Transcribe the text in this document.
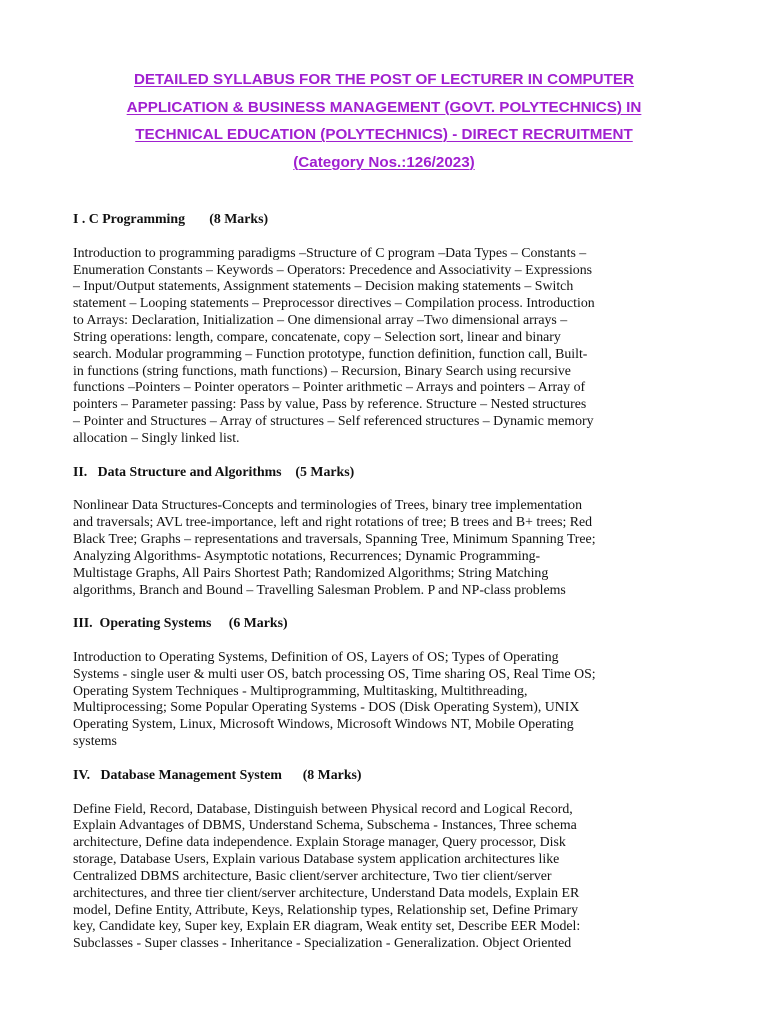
DETAILED SYLLABUS FOR THE POST OF LECTURER IN COMPUTER
APPLICATION & BUSINESS MANAGEMENT (GOVT. POLYTECHNICS) IN
TECHNICAL EDUCATION (POLYTECHNICS) - DIRECT RECRUITMENT
(Category Nos.:126/2023)

I . C Programming       (8 Marks)

Introduction to programming paradigms –Structure of C program –Data Types – Constants –
Enumeration Constants – Keywords – Operators: Precedence and Associativity – Expressions
– Input/Output statements, Assignment statements – Decision making statements – Switch
statement – Looping statements – Preprocessor directives – Compilation process. Introduction
to Arrays: Declaration, Initialization – One dimensional array –Two dimensional arrays –
String operations: length, compare, concatenate, copy – Selection sort, linear and binary
search. Modular programming – Function prototype, function definition, function call, Built-
in functions (string functions, math functions) – Recursion, Binary Search using recursive
functions –Pointers – Pointer operators – Pointer arithmetic – Arrays and pointers – Array of
pointers – Parameter passing: Pass by value, Pass by reference. Structure – Nested structures
– Pointer and Structures – Array of structures – Self referenced structures – Dynamic memory
allocation – Singly linked list.

II.   Data Structure and Algorithms    (5 Marks)

Nonlinear Data Structures-Concepts and terminologies of Trees, binary tree implementation
and traversals; AVL tree-importance, left and right rotations of tree; B trees and B+ trees; Red
Black Tree; Graphs – representations and traversals, Spanning Tree, Minimum Spanning Tree;
Analyzing Algorithms- Asymptotic notations, Recurrences; Dynamic Programming-
Multistage Graphs, All Pairs Shortest Path; Randomized Algorithms; String Matching
algorithms, Branch and Bound – Travelling Salesman Problem. P and NP-class problems

III.  Operating Systems     (6 Marks)

Introduction to Operating Systems, Definition of OS, Layers of OS; Types of Operating
Systems - single user & multi user OS, batch processing OS, Time sharing OS, Real Time OS;
Operating System Techniques - Multiprogramming, Multitasking, Multithreading,
Multiprocessing; Some Popular Operating Systems - DOS (Disk Operating System), UNIX
Operating System, Linux, Microsoft Windows, Microsoft Windows NT, Mobile Operating
systems

IV.   Database Management System      (8 Marks)

Define Field, Record, Database, Distinguish between Physical record and Logical Record,
Explain Advantages of DBMS, Understand Schema, Subschema - Instances, Three schema
architecture, Define data independence. Explain Storage manager, Query processor, Disk
storage, Database Users, Explain various Database system application architectures like
Centralized DBMS architecture, Basic client/server architecture, Two tier client/server
architectures, and three tier client/server architecture, Understand Data models, Explain ER
model, Define Entity, Attribute, Keys, Relationship types, Relationship set, Define Primary
key, Candidate key, Super key, Explain ER diagram, Weak entity set, Describe EER Model:
Subclasses - Super classes - Inheritance - Specialization - Generalization. Object Oriented
